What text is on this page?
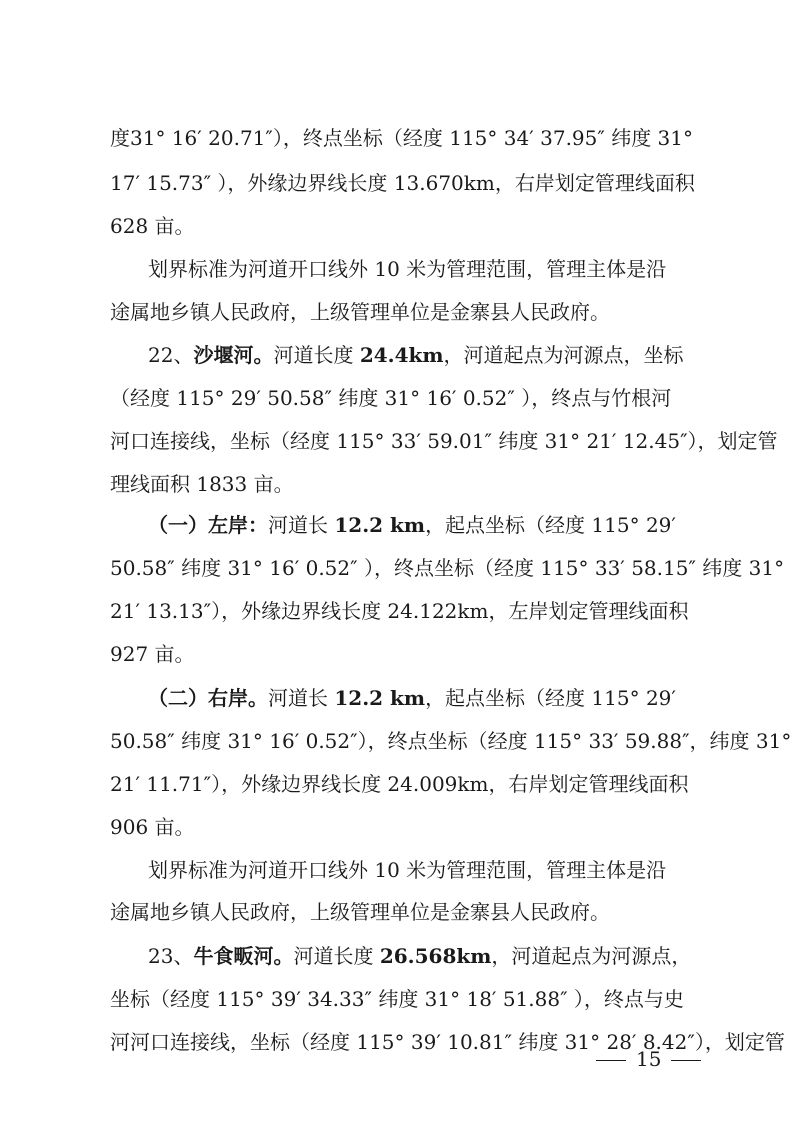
度31° 16′ 20.71″），终点坐标（经度 115° 34′ 37.95″ 纬度 31°
17′ 15.73″ ），外缘边界线长度 13.670km，右岸划定管理线面积
628 亩。
划界标准为河道开口线外 10 米为管理范围，管理主体是沿
途属地乡镇人民政府，上级管理单位是金寨县人民政府。
22、沙堰河。河道长度 24.4km，河道起点为河源点，坐标
（经度 115° 29′ 50.58″ 纬度 31° 16′ 0.52″ ），终点与竹根河
河口连接线，坐标（经度 115° 33′ 59.01″ 纬度 31° 21′ 12.45″），划定管
理线面积 1833 亩。
（一）左岸：河道长 12.2 km，起点坐标（经度 115° 29′
50.58″ 纬度 31° 16′ 0.52″ ），终点坐标（经度 115° 33′ 58.15″ 纬度 31°
21′ 13.13″），外缘边界线长度 24.122km，左岸划定管理线面积
927 亩。
（二）右岸。河道长 12.2 km，起点坐标（经度 115° 29′
50.58″ 纬度 31° 16′ 0.52″），终点坐标（经度 115° 33′ 59.88″，纬度 31°
21′ 11.71″），外缘边界线长度 24.009km，右岸划定管理线面积
906 亩。
划界标准为河道开口线外 10 米为管理范围，管理主体是沿
途属地乡镇人民政府，上级管理单位是金寨县人民政府。
23、牛食畈河。河道长度 26.568km，河道起点为河源点，
坐标（经度 115° 39′ 34.33″ 纬度 31° 18′ 51.88″ ），终点与史
河河口连接线，坐标（经度 115° 39′ 10.81″ 纬度 31° 28′ 8.42″），划定管
15
